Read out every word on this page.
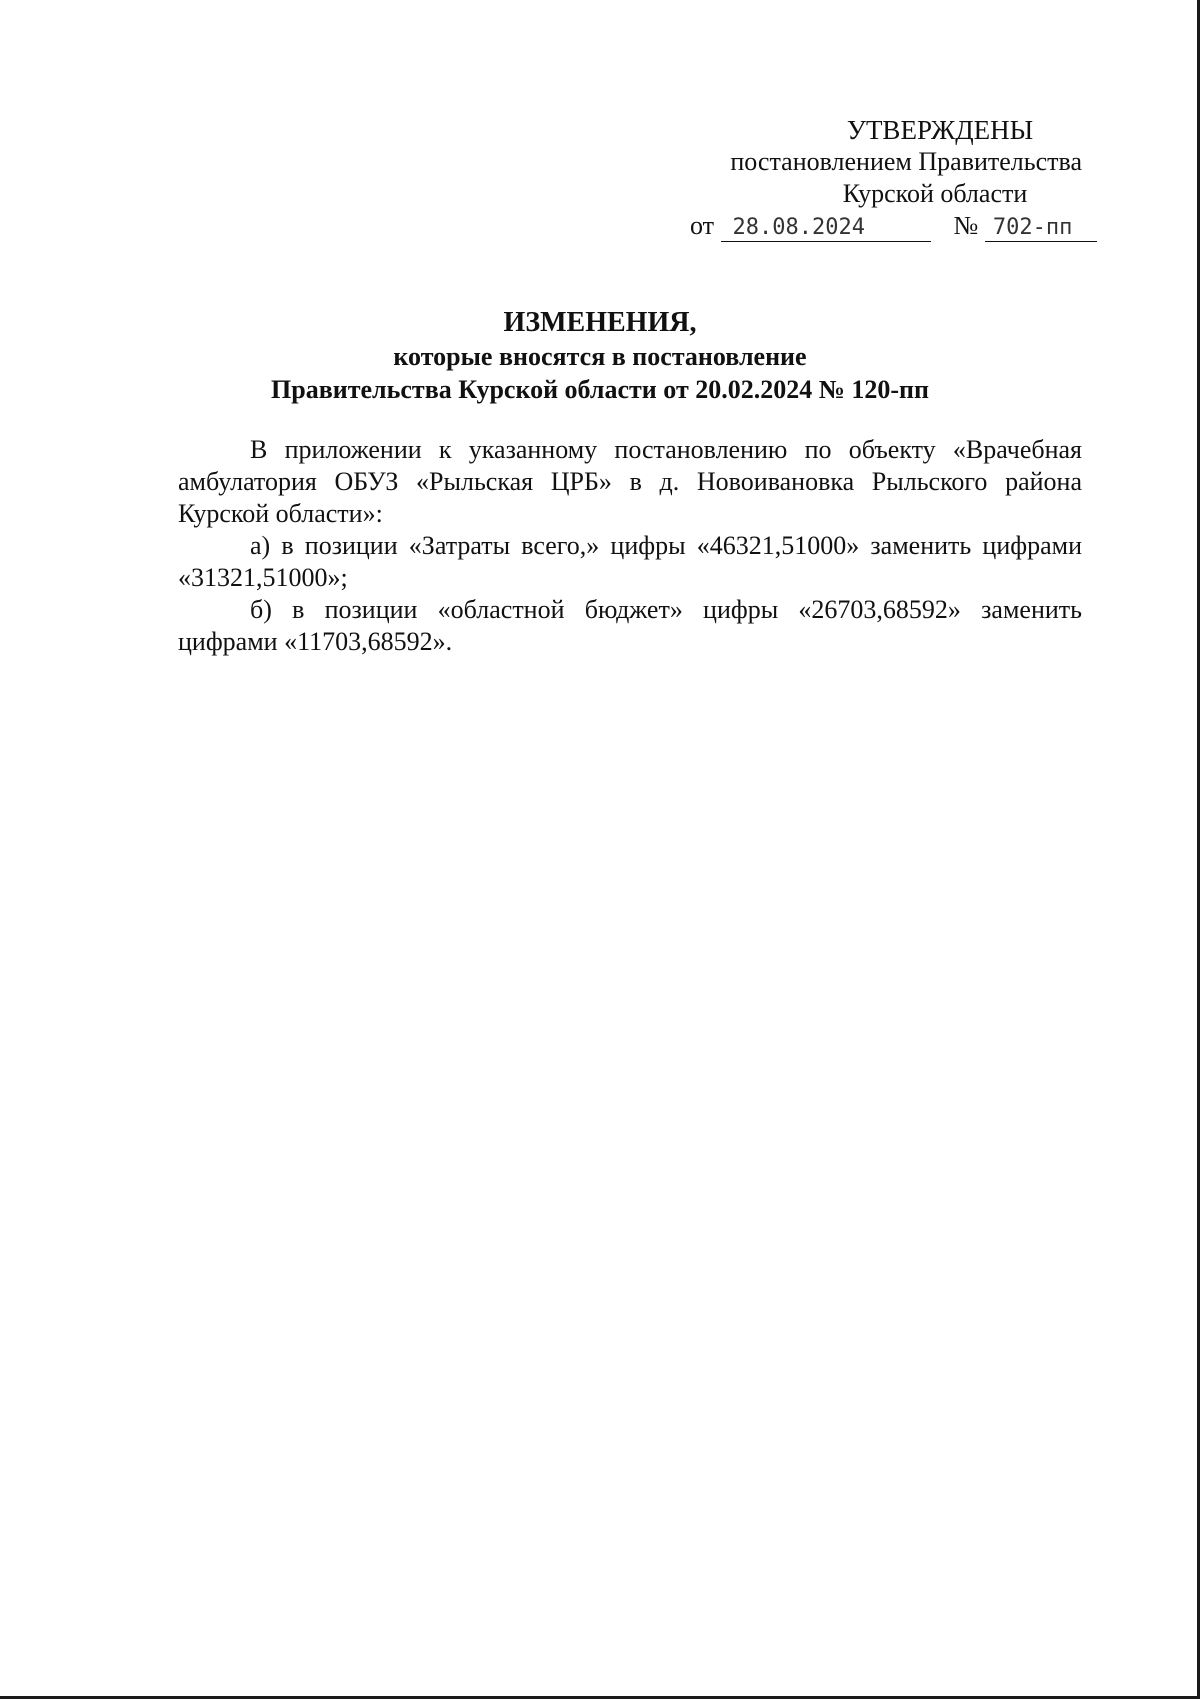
УТВЕРЖДЕНЫ
постановлением Правительства
Курской области
от 28.08.2024	№ 702-пп
ИЗМЕНЕНИЯ,
которые вносятся в постановление
Правительства Курской области от 20.02.2024 № 120-пп

В приложении к указанному постановлению по объекту «Врачебная амбулатория ОБУЗ «Рыльская ЦРБ» в д. Новоивановка Рыльского района Курской области»:

а) в позиции «Затраты всего,» цифры «46321,51000» заменить цифрами «31321,51000»;

б) в позиции «областной бюджет» цифры «26703,68592» заменить цифрами «11703,68592».
